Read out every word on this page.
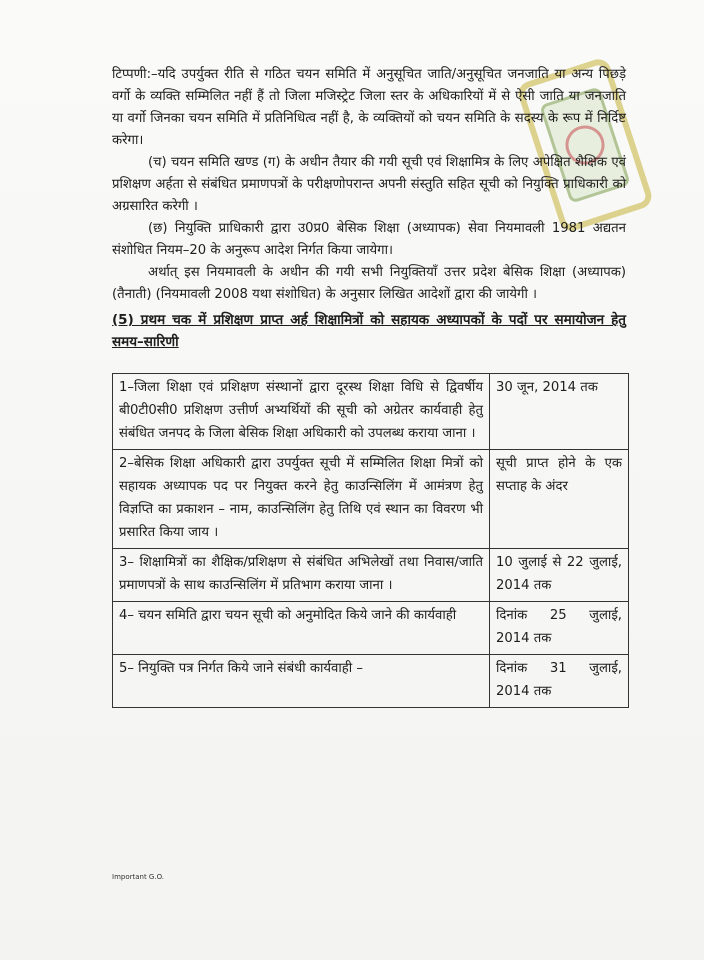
टिप्पणी:–यदि उपर्युक्त रीति से गठित चयन समिति में अनुसूचित जाति/अनुसूचित जनजाति या अन्य पिछड़े वर्गो के व्यक्ति सम्मिलित नहीं हैं तो जिला मजिस्ट्रेट जिला स्तर के अधिकारियों में से ऐसी जाति या जनजाति या वर्गो जिनका चयन समिति में प्रतिनिधित्व नहीं है, के व्यक्तियों को चयन समिति के सदस्य के रूप में निर्दिष्ट करेगा।

(च) चयन समिति खण्ड (ग) के अधीन तैयार की गयी सूची एवं शिक्षामित्र के लिए अपेक्षित शैक्षिक एवं प्रशिक्षण अर्हता से संबंधित प्रमाणपत्रों के परीक्षणोपरान्त अपनी संस्तुति सहित सूची को नियुक्ति प्राधिकारी को अग्रसारित करेगी ।

(छ) नियुक्ति प्राधिकारी द्वारा उ0प्र0 बेसिक शिक्षा (अध्यापक) सेवा नियमावली 1981 अद्यतन संशोधित नियम–20 के अनुरूप आदेश निर्गत किया जायेगा।

अर्थात् इस नियमावली के अधीन की गयी सभी नियुक्तियाँ उत्तर प्रदेश बेसिक शिक्षा (अध्यापक) (तैनाती) (नियमावली 2008 यथा संशोधित) के अनुसार लिखित आदेशों द्वारा की जायेगी ।

(5) प्रथम चक में प्रशिक्षण प्राप्त अर्ह शिक्षामित्रों को सहायक अध्यापकों के पदों पर समायोजन हेतु समय–सारिणी

1–जिला शिक्षा एवं प्रशिक्षण संस्थानों द्वारा दूरस्थ शिक्षा विधि से द्विवर्षीय बी0टी0सी0 प्रशिक्षण उत्तीर्ण अभ्यर्थियों की सूची को अग्रेतर कार्यवाही हेतु संबंधित जनपद के जिला बेसिक शिक्षा अधिकारी को उपलब्ध कराया जाना ।	30 जून, 2014 तक
2–बेसिक शिक्षा अधिकारी द्वारा उपर्युक्त सूची में सम्मिलित शिक्षा मित्रों को सहायक अध्यापक पद पर नियुक्त करने हेतु काउन्सिलिंग में आमंत्रण हेतु विज्ञप्ति का प्रकाशन – नाम, काउन्सिलिंग हेतु तिथि एवं स्थान का विवरण भी प्रसारित किया जाय ।	सूची प्राप्त होने के एक सप्ताह के अंदर
3– शिक्षामित्रों का शैक्षिक/प्रशिक्षण से संबंधित अभिलेखों तथा निवास/जाति प्रमाणपत्रों के साथ काउन्सिलिंग में प्रतिभाग कराया जाना ।	10 जुलाई से 22 जुलाई, 2014 तक
4– चयन समिति द्वारा चयन सूची को अनुमोदित किये जाने की कार्यवाही	दिनांक 25 जुलाई, 2014 तक
5– नियुक्ति पत्र निर्गत किये जाने संबंधी कार्यवाही –	दिनांक 31 जुलाई, 2014 तक
Important G.O.
